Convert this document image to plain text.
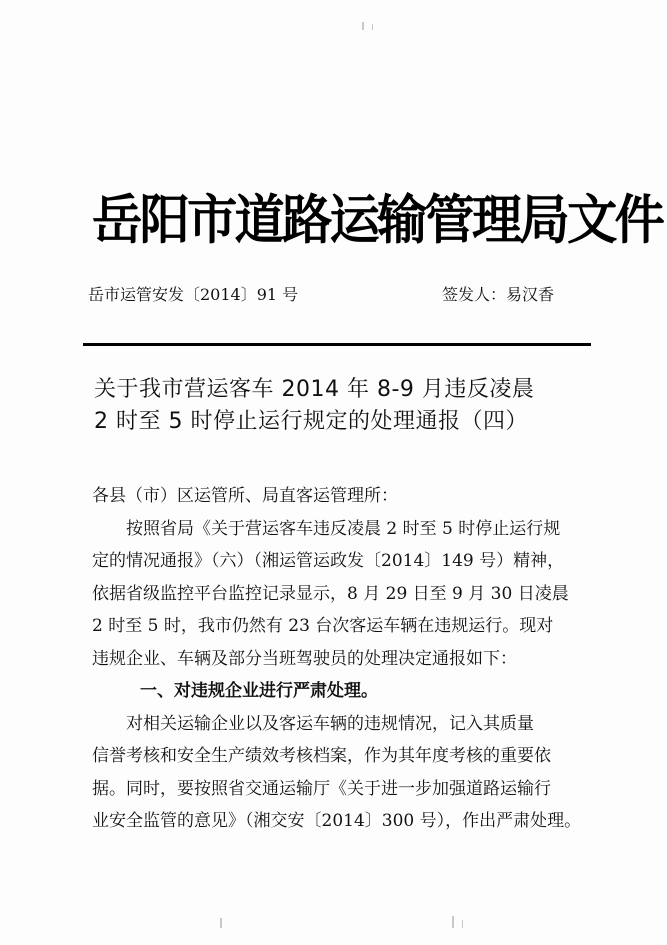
岳阳市道路运输管理局文件
岳市运管安发〔2014〕91 号	签发人：易汉香
关于我市营运客车 2014 年 8-9 月违反凌晨
2 时至 5 时停止运行规定的处理通报（四）
各县（市）区运管所、局直客运管理所：
按照省局《关于营运客车违反凌晨 2 时至 5 时停止运行规
定的情况通报》（六）（湘运管运政发〔2014〕149 号）精神，
依据省级监控平台监控记录显示，8 月 29 日至 9 月 30 日凌晨
2 时至 5 时，我市仍然有 23 台次客运车辆在违规运行。现对
违规企业、车辆及部分当班驾驶员的处理决定通报如下：
一、对违规企业进行严肃处理。
对相关运输企业以及客运车辆的违规情况，记入其质量
信誉考核和安全生产绩效考核档案，作为其年度考核的重要依
据。同时，要按照省交通运输厅《关于进一步加强道路运输行
业安全监管的意见》（湘交安〔2014〕300 号），作出严肃处理。
